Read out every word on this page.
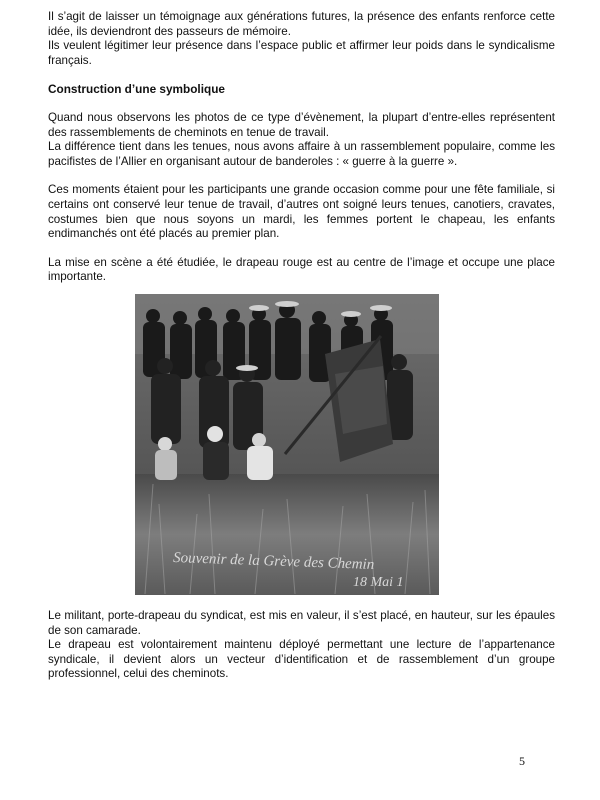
Il s’agit de laisser un témoignage aux générations futures, la présence des enfants renforce cette idée, ils deviendront des passeurs de mémoire.

Ils veulent légitimer leur présence dans l’espace public et affirmer leur poids dans le syndicalisme français.

Construction d’une symbolique

Quand nous observons les photos de ce type d’évènement, la plupart d’entre-elles représentent des rassemblements de cheminots en tenue de travail.

La différence tient dans les tenues, nous avons affaire à un rassemblement populaire, comme les pacifistes de l’Allier en organisant autour de banderoles : « guerre à la guerre ».

Ces moments étaient pour les participants une grande occasion comme pour une fête familiale, si certains ont conservé leur tenue de travail, d’autres ont soigné leurs tenues, canotiers, cravates, costumes bien que nous soyons un mardi, les femmes portent le chapeau, les enfants endimanchés ont été placés au premier plan.

La mise en scène a été étudiée, le drapeau rouge est au centre de l’image et occupe une place importante.

Souvenir de la Grève des Chemin
18 Mai 1

Le militant, porte-drapeau du syndicat, est mis en valeur, il s’est placé, en hauteur, sur les épaules de son camarade.

Le drapeau est volontairement maintenu déployé permettant une lecture de l’appartenance syndicale, il devient alors un vecteur d’identification et de rassemblement d’un groupe professionnel, celui des cheminots.

5
